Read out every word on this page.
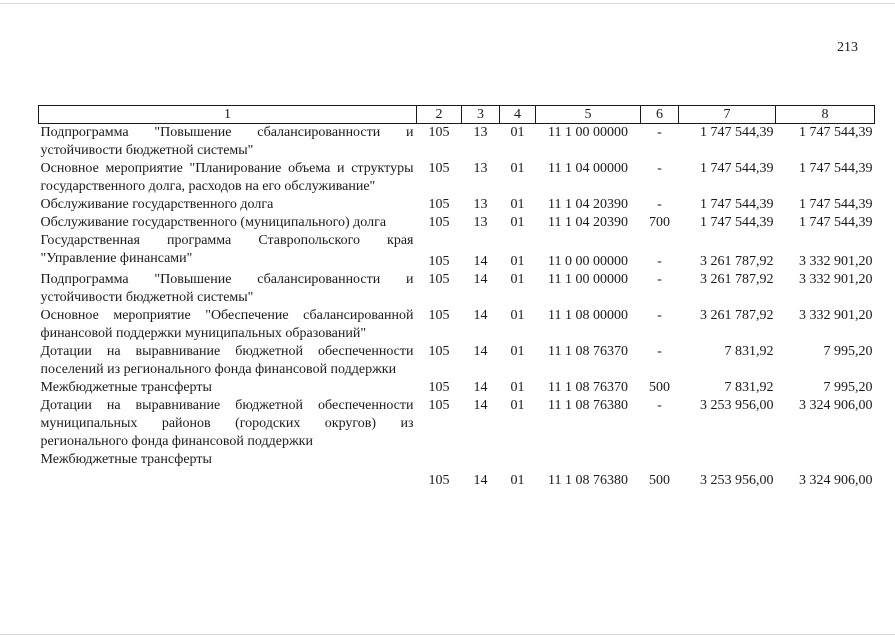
213
1	2	3	4	5	6	7	8
Подпрограмма "Повышение сбалансированности и устойчивости бюджетной системы"	105	13	01	11 1 00 00000	-	1 747 544,39	1 747 544,39
Основное мероприятие "Планирование объема и структуры государственного долга, расходов на его обслуживание"	105	13	01	11 1 04 00000	-	1 747 544,39	1 747 544,39
Обслуживание государственного долга	105	13	01	11 1 04 20390	-	1 747 544,39	1 747 544,39
Обслуживание государственного (муниципального) долга	105	13	01	11 1 04 20390	700	1 747 544,39	1 747 544,39
Государственная программа Ставропольского края "Управление финансами"	105	14	01	11 0 00 00000	-	3 261 787,92	3 332 901,20
Подпрограмма "Повышение сбалансированности и устойчивости бюджетной системы"	105	14	01	11 1 00 00000	-	3 261 787,92	3 332 901,20
Основное мероприятие "Обеспечение сбалансированной финансовой поддержки муниципальных образований"	105	14	01	11 1 08 00000	-	3 261 787,92	3 332 901,20
Дотации на выравнивание бюджетной обеспеченности поселений из регионального фонда финансовой поддержки	105	14	01	11 1 08 76370	-	7 831,92	7 995,20
Межбюджетные трансферты	105	14	01	11 1 08 76370	500	7 831,92	7 995,20
Дотации на выравнивание бюджетной обеспеченности муниципальных районов (городских округов) из регионального фонда финансовой поддержки	105	14	01	11 1 08 76380	-	3 253 956,00	3 324 906,00
Межбюджетные трансферты	105	14	01	11 1 08 76380	500	3 253 956,00	3 324 906,00
